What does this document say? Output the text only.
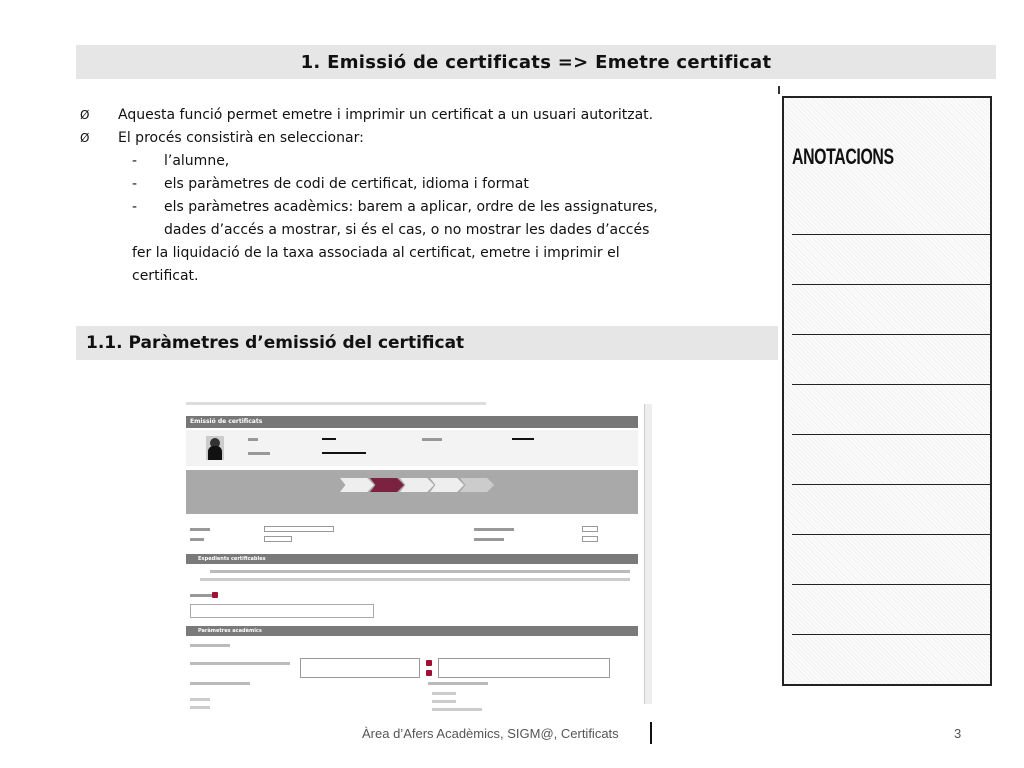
1. Emissió de certificats => Emetre certificat
Ø	Aquesta funció permet emetre i imprimir un certificat a un usuari autoritzat.
Ø	El procés consistirà en seleccionar:
-	l’alumne,
-	els paràmetres de codi de certificat, idioma i format
-	els paràmetres acadèmics: barem a aplicar, ordre de les assignatures,
dades d’accés a mostrar, si és el cas, o no mostrar les dades d’accés
fer la liquidació de la taxa associada al certificat, emetre i imprimir el
certificat.
1.1. Paràmetres d’emissió del certificat
ANOTACIONS
Emissió de certificats
Expedients certificables
Paràmetres acadèmics
Àrea d’Afers Acadèmics, SIGM@, Certificats	3
